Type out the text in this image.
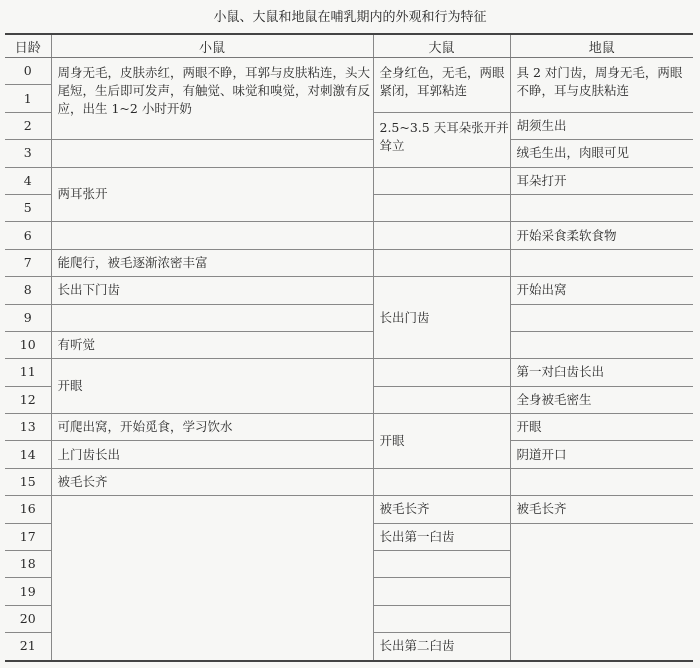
小鼠、大鼠和地鼠在哺乳期内的外观和行为特征
日龄	小鼠	大鼠	地鼠
0	周身无毛，皮肤赤红，两眼不睁，耳郭与皮肤粘连，头大尾短，生后即可发声，有触觉、味觉和嗅觉，对刺激有反应，出生 1~2 小时开奶	全身红色，无毛，两眼紧闭，耳郭粘连	具 2 对门齿，周身无毛，两眼不睁，耳与皮肤粘连
1			
2		2.5~3.5 天耳朵张开并耸立	胡须生出
3			绒毛生出，肉眼可见
4	两耳张开		耳朵打开
5			
6			开始采食柔软食物
7	能爬行，被毛逐渐浓密丰富		
8	长出下门齿	长出门齿	开始出窝
9			
10	有听觉		
11	开眼		第一对臼齿长出
12			全身被毛密生
13	可爬出窝，开始觅食，学习饮水	开眼	开眼
14	上门齿长出		阴道开口
15	被毛长齐		
16		被毛长齐	被毛长齐
17		长出第一臼齿	
18			
19			
20			
21		长出第二臼齿	
